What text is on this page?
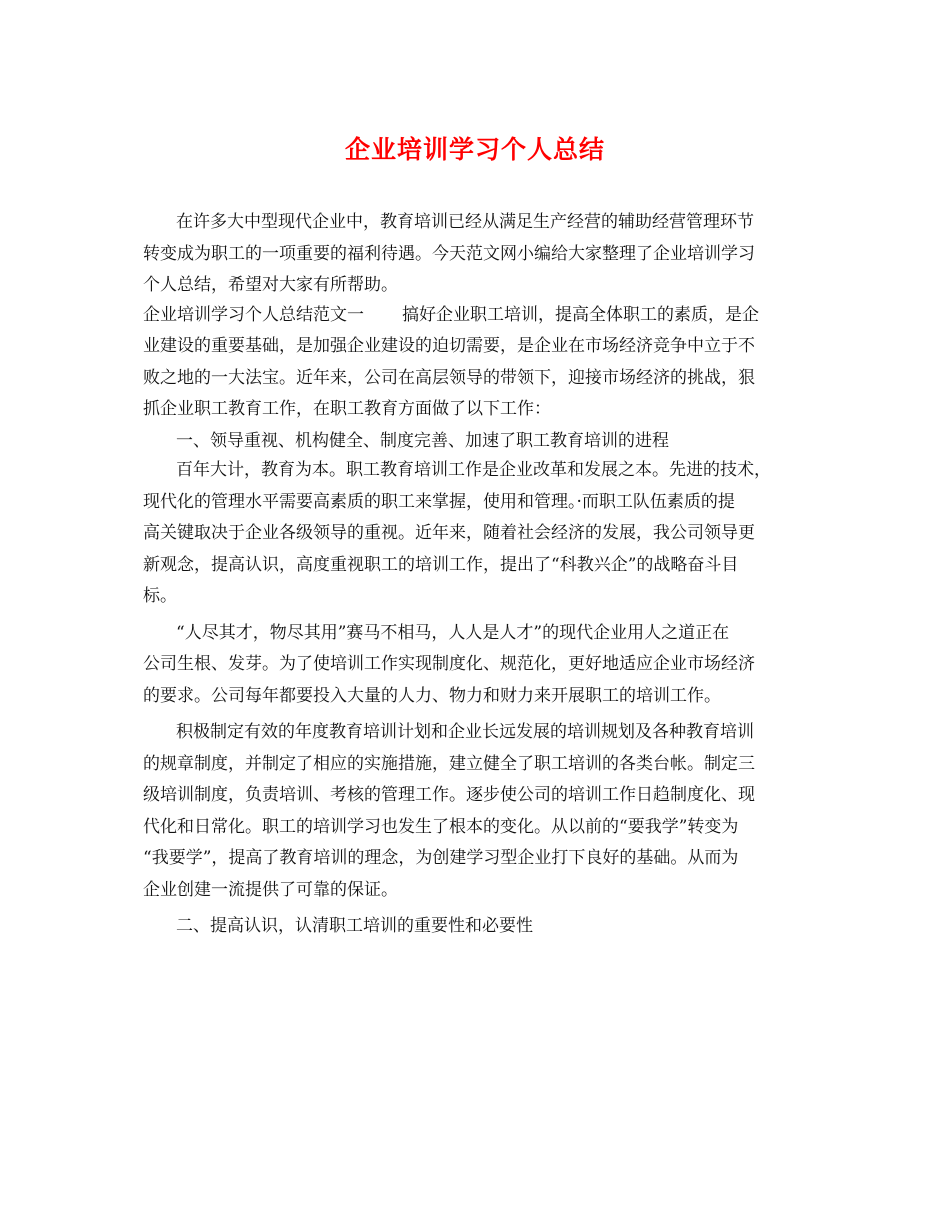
企业培训学习个人总结
在许多大中型现代企业中，教育培训已经从满足生产经营的辅助经营管理环节
转变成为职工的一项重要的福利待遇。今天范文网小编给大家整理了企业培训学习
个人总结，希望对大家有所帮助。
企业培训学习个人总结范文一 搞好企业职工培训，提高全体职工的素质，是企
业建设的重要基础，是加强企业建设的迫切需要，是企业在市场经济竞争中立于不
败之地的一大法宝。近年来，公司在高层领导的带领下，迎接市场经济的挑战，狠
抓企业职工教育工作，在职工教育方面做了以下工作：
一、领导重视、机构健全、制度完善、加速了职工教育培训的进程
百年大计，教育为本。职工教育培训工作是企业改革和发展之本。先进的技术，
现代化的管理水平需要高素质的职工来掌握，使用和管理。·而职工队伍素质的提
高关键取决于企业各级领导的重视。近年来，随着社会经济的发展，我公司领导更
新观念，提高认识，高度重视职工的培训工作，提出了“科教兴企”的战略奋斗目
标。
“人尽其才，物尽其用”赛马不相马，人人是人才”的现代企业用人之道正在
公司生根、发芽。为了使培训工作实现制度化、规范化，更好地适应企业市场经济
的要求。公司每年都要投入大量的人力、物力和财力来开展职工的培训工作。
积极制定有效的年度教育培训计划和企业长远发展的培训规划及各种教育培训
的规章制度，并制定了相应的实施措施，建立健全了职工培训的各类台帐。制定三
级培训制度，负责培训、考核的管理工作。逐步使公司的培训工作日趋制度化、现
代化和日常化。职工的培训学习也发生了根本的变化。从以前的“要我学”转变为
“我要学”，提高了教育培训的理念，为创建学习型企业打下良好的基础。从而为
企业创建一流提供了可靠的保证。
二、提高认识，认清职工培训的重要性和必要性
